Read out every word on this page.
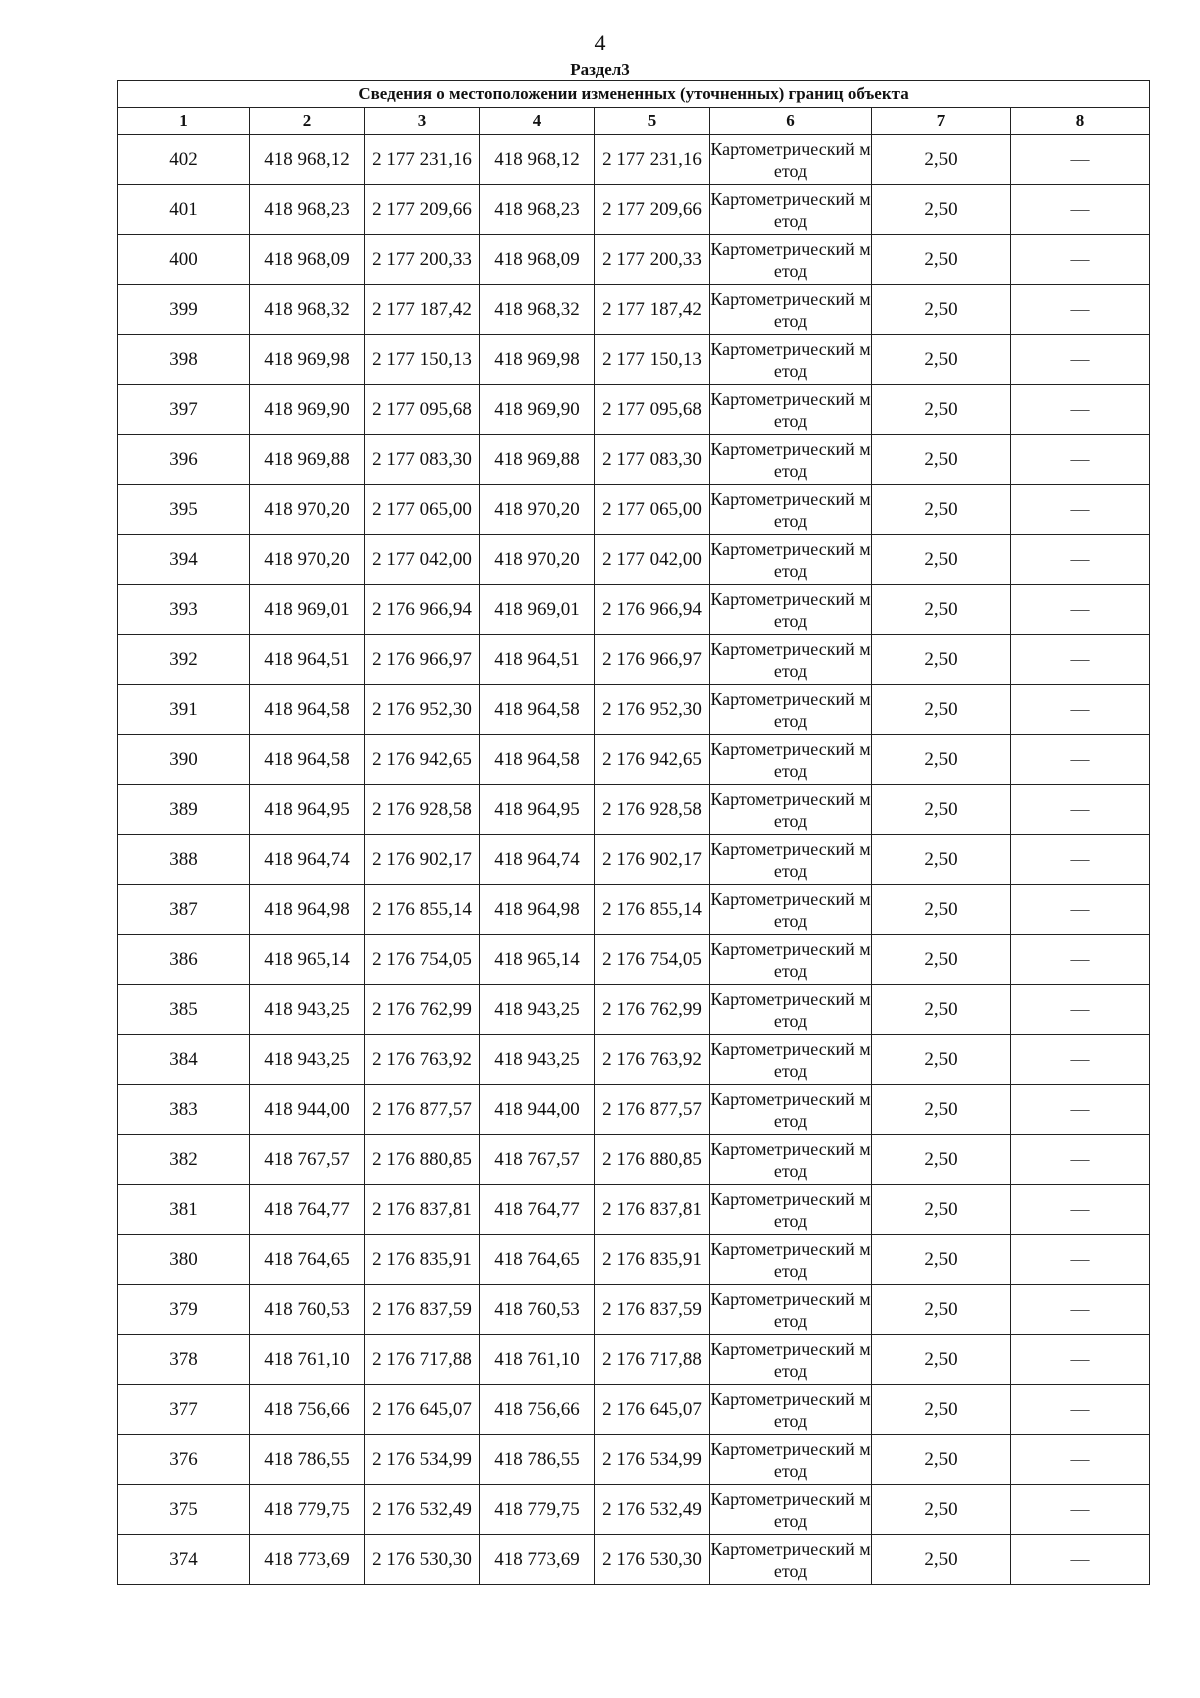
4
Раздел3
Сведения о местоположении измененных (уточненных) границ объекта							
1	2	3	4	5	6	7	8
402	418 968,12	2 177 231,16	418 968,12	2 177 231,16	Картометрический метод	2,50	—
401	418 968,23	2 177 209,66	418 968,23	2 177 209,66	Картометрический метод	2,50	—
400	418 968,09	2 177 200,33	418 968,09	2 177 200,33	Картометрический метод	2,50	—
399	418 968,32	2 177 187,42	418 968,32	2 177 187,42	Картометрический метод	2,50	—
398	418 969,98	2 177 150,13	418 969,98	2 177 150,13	Картометрический метод	2,50	—
397	418 969,90	2 177 095,68	418 969,90	2 177 095,68	Картометрический метод	2,50	—
396	418 969,88	2 177 083,30	418 969,88	2 177 083,30	Картометрический метод	2,50	—
395	418 970,20	2 177 065,00	418 970,20	2 177 065,00	Картометрический метод	2,50	—
394	418 970,20	2 177 042,00	418 970,20	2 177 042,00	Картометрический метод	2,50	—
393	418 969,01	2 176 966,94	418 969,01	2 176 966,94	Картометрический метод	2,50	—
392	418 964,51	2 176 966,97	418 964,51	2 176 966,97	Картометрический метод	2,50	—
391	418 964,58	2 176 952,30	418 964,58	2 176 952,30	Картометрический метод	2,50	—
390	418 964,58	2 176 942,65	418 964,58	2 176 942,65	Картометрический метод	2,50	—
389	418 964,95	2 176 928,58	418 964,95	2 176 928,58	Картометрический метод	2,50	—
388	418 964,74	2 176 902,17	418 964,74	2 176 902,17	Картометрический метод	2,50	—
387	418 964,98	2 176 855,14	418 964,98	2 176 855,14	Картометрический метод	2,50	—
386	418 965,14	2 176 754,05	418 965,14	2 176 754,05	Картометрический метод	2,50	—
385	418 943,25	2 176 762,99	418 943,25	2 176 762,99	Картометрический метод	2,50	—
384	418 943,25	2 176 763,92	418 943,25	2 176 763,92	Картометрический метод	2,50	—
383	418 944,00	2 176 877,57	418 944,00	2 176 877,57	Картометрический метод	2,50	—
382	418 767,57	2 176 880,85	418 767,57	2 176 880,85	Картометрический метод	2,50	—
381	418 764,77	2 176 837,81	418 764,77	2 176 837,81	Картометрический метод	2,50	—
380	418 764,65	2 176 835,91	418 764,65	2 176 835,91	Картометрический метод	2,50	—
379	418 760,53	2 176 837,59	418 760,53	2 176 837,59	Картометрический метод	2,50	—
378	418 761,10	2 176 717,88	418 761,10	2 176 717,88	Картометрический метод	2,50	—
377	418 756,66	2 176 645,07	418 756,66	2 176 645,07	Картометрический метод	2,50	—
376	418 786,55	2 176 534,99	418 786,55	2 176 534,99	Картометрический метод	2,50	—
375	418 779,75	2 176 532,49	418 779,75	2 176 532,49	Картометрический метод	2,50	—
374	418 773,69	2 176 530,30	418 773,69	2 176 530,30	Картометрический метод	2,50	—
